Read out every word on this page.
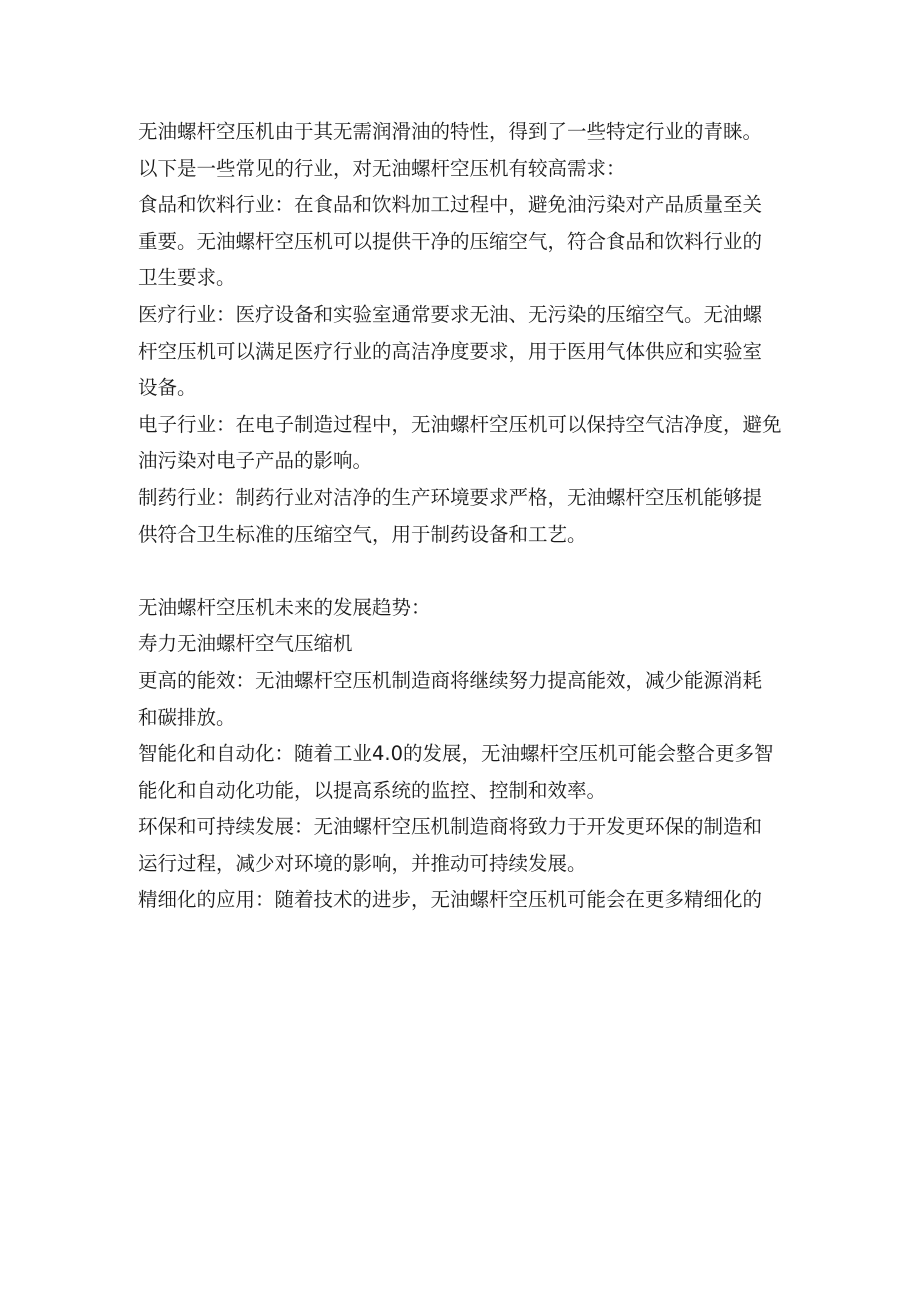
无油螺杆空压机由于其无需润滑油的特性，得到了一些特定行业的青睐。
以下是一些常见的行业，对无油螺杆空压机有较高需求：
食品和饮料行业：在食品和饮料加工过程中，避免油污染对产品质量至关
重要。无油螺杆空压机可以提供干净的压缩空气，符合食品和饮料行业的
卫生要求。
医疗行业：医疗设备和实验室通常要求无油、无污染的压缩空气。无油螺
杆空压机可以满足医疗行业的高洁净度要求，用于医用气体供应和实验室
设备。
电子行业：在电子制造过程中，无油螺杆空压机可以保持空气洁净度，避免
油污染对电子产品的影响。
制药行业：制药行业对洁净的生产环境要求严格，无油螺杆空压机能够提
供符合卫生标准的压缩空气，用于制药设备和工艺。
无油螺杆空压机未来的发展趋势：
寿力无油螺杆空气压缩机
更高的能效：无油螺杆空压机制造商将继续努力提高能效，减少能源消耗
和碳排放。
智能化和自动化：随着工业4.0的发展，无油螺杆空压机可能会整合更多智
能化和自动化功能，以提高系统的监控、控制和效率。
环保和可持续发展：无油螺杆空压机制造商将致力于开发更环保的制造和
运行过程，减少对环境的影响，并推动可持续发展。
精细化的应用：随着技术的进步，无油螺杆空压机可能会在更多精细化的
